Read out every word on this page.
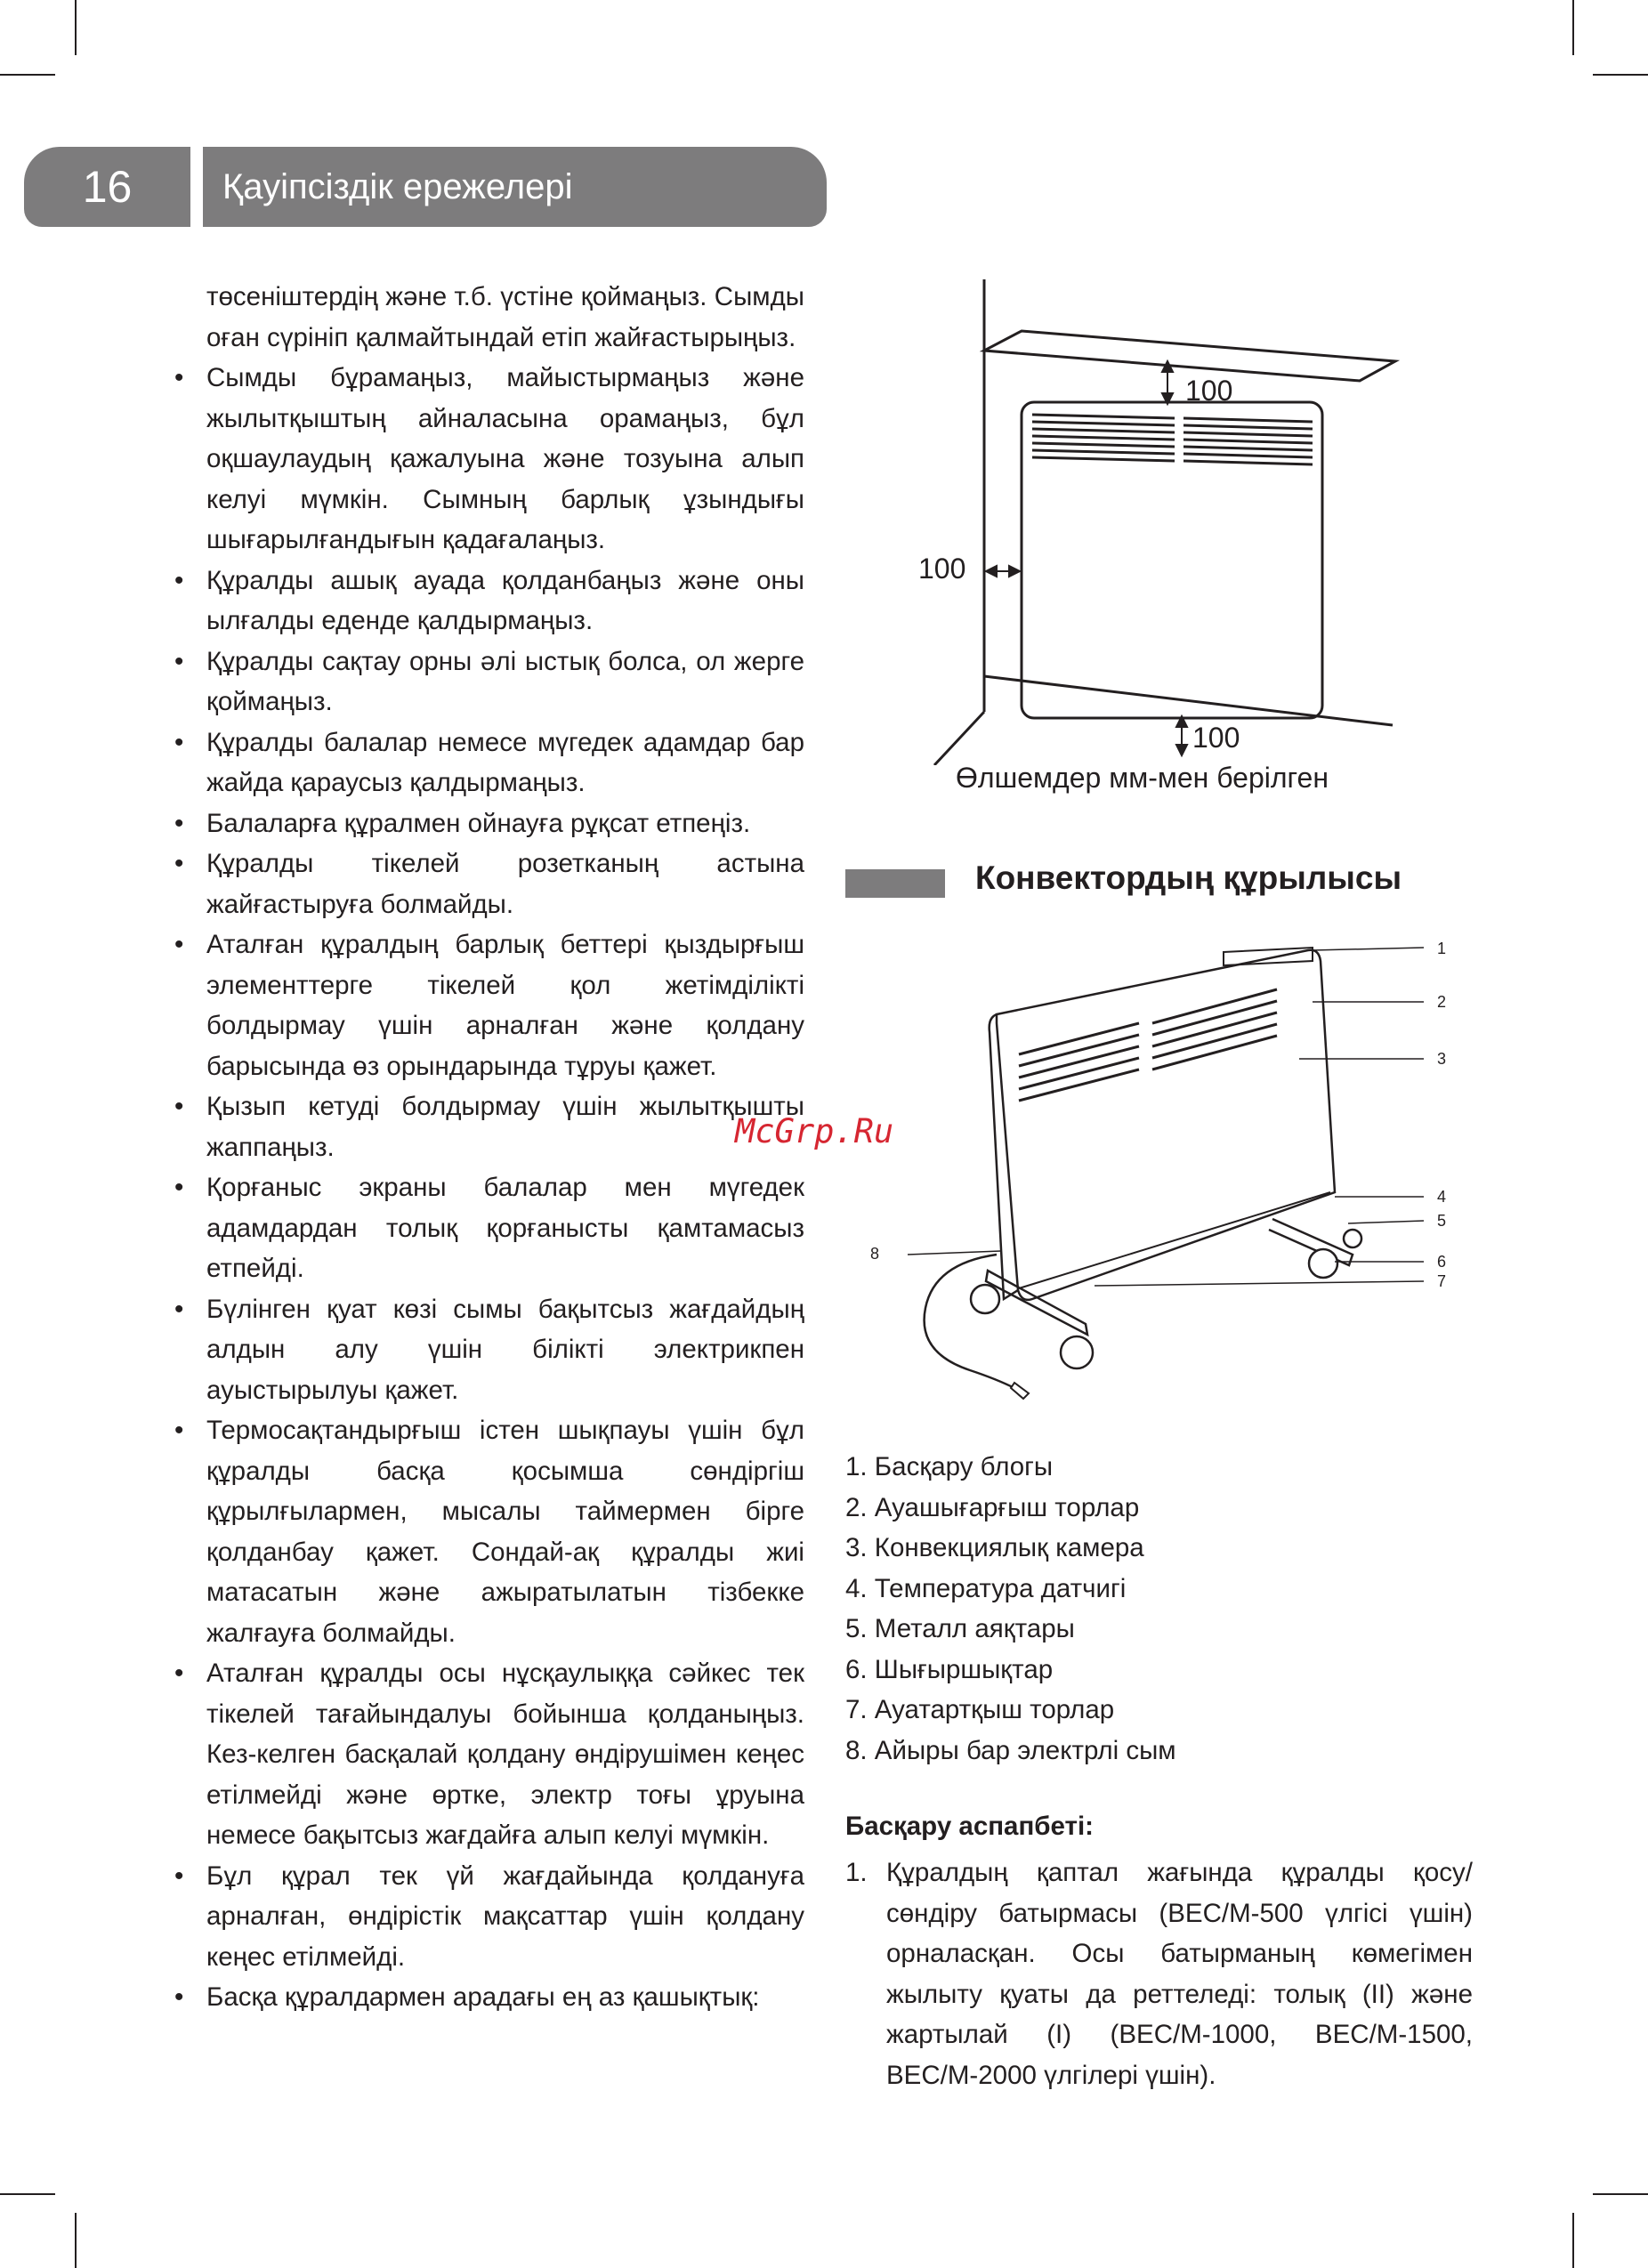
16	Қауіпсіздік ережелері

төсеніштердің және т.б. үстіне қоймаңыз. Сымды оған сүрініп қалмайтындай етіп жайғастырыңыз.

• Сымды бұрамаңыз, майыстырмаңыз және жылытқыштың айналасына орамаңыз, бұл оқшаулаудың қажалуына және тозуына алып келуі мүмкін. Сымның барлық ұзындығы шығарылғандығын қадағалаңыз.
• Құралды ашық ауада қолданбаңыз және оны ылғалды еденде қалдырмаңыз.
• Құралды сақтау орны әлі ыстық болса, ол жерге қоймаңыз.
• Құралды балалар немесе мүгедек адамдар бар жайда қараусыз қалдырмаңыз.
• Балаларға құралмен ойнауға рұқсат етпеңіз.
• Құралды тікелей розетканың астына жайғастыруға болмайды.
• Аталған құралдың барлық беттері қыздырғыш элементтерге тікелей қол жетімділікті болдырмау үшін арналған және қолдану барысында өз орындарында тұруы қажет.
• Қызып кетуді болдырмау үшін жылытқышты жаппаңыз.
• Қорғаныс экраны балалар мен мүгедек адамдардан толық қорғанысты қамтамасыз етпейді.
• Бүлінген қуат көзі сымы бақытсыз жағдайдың алдын алу үшін білікті электрикпен ауыстырылуы қажет.
• Термосақтандырғыш істен шықпауы үшін бұл құралды басқа қосымша сөндіргіш құрылғылармен, мысалы таймермен бірге қолданбау қажет. Сондай-ақ құралды жиі матасатын және ажыратылатын тізбекке жалғауға болмайды.
• Аталған құралды осы нұсқаулыққа сәйкес тек тікелей тағайындалуы бойынша қолданыңыз. Кез-келген басқалай қолдану өндірушімен кеңес етілмейді және өртке, электр тоғы ұруына немесе бақытсыз жағдайға алып келуі мүмкін.
• Бұл құрал тек үй жағдайында қолдануға арналған, өндірістік мақсаттар үшін қолдану кеңес етілмейді.
• Басқа құралдармен арадағы ең аз қашықтық:
100
100
100
Өлшемдер мм-мен берілген
Конвектордың құрылысы
1
2
3
4
5
6
7
8
1. Басқару блогы
2. Ауашығарғыш торлар
3. Конвекциялық камера
4. Температура датчигі
5. Металл аяқтары
6. Шығыршықтар
7. Ауатартқыш торлар
8. Айыры бар электрлі сым
Басқару аспапбеті:
1. Құралдың қаптал жағында құралды қосу/сөндіру батырмасы (BEC/M-500 үлгісі үшін) орналасқан. Осы батырманың көмегімен жылыту қуаты да реттеледі: толық (II) және жартылай (I) (BEC/M-1000, BEC/M-1500, BEC/M-2000 үлгілері үшін).
McGrp.Ru
